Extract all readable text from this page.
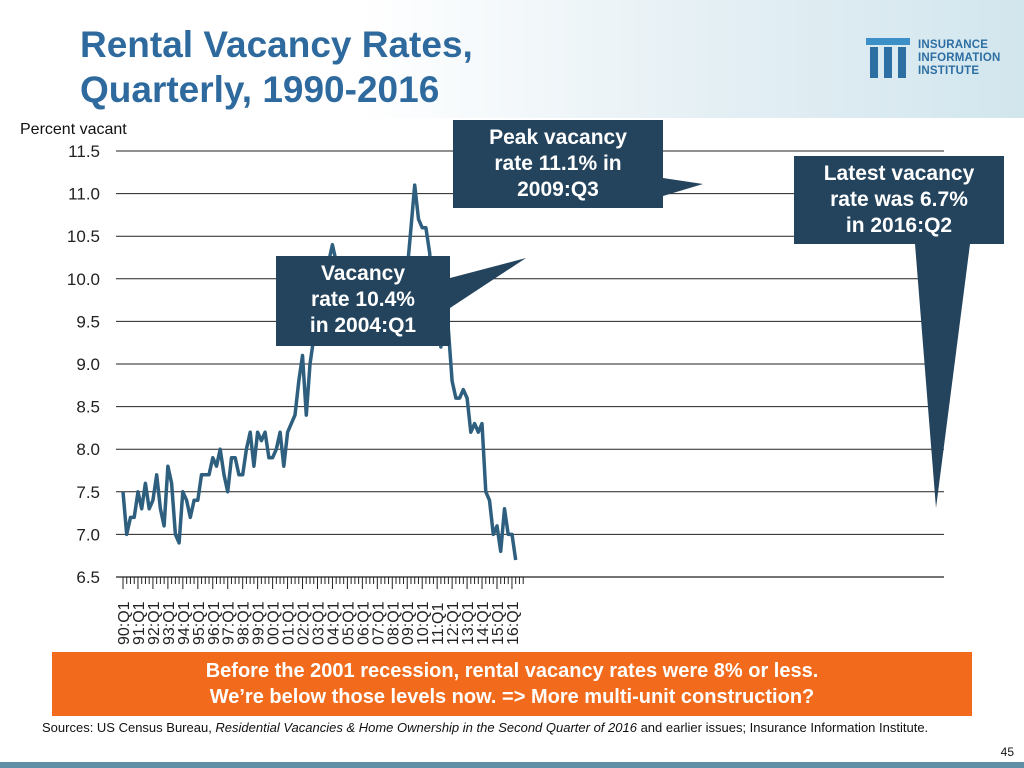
Rental Vacancy Rates,
Quarterly, 1990-2016
INSURANCE
INFORMATION
INSTITUTE
Percent vacant
11.5
11.0
10.5
10.0
9.5
9.0
8.5
8.0
7.5
7.0
6.5
90:Q1
91:Q1
92:Q1
93:Q1
94:Q1
95:Q1
96:Q1
97:Q1
98:Q1
99:Q1
00:Q1
01:Q1
02:Q1
03:Q1
04:Q1
05:Q1
06:Q1
07:Q1
08:Q1
09:Q1
10:Q1
11:Q1
12:Q1
13:Q1
14:Q1
15:Q1
16:Q1
Peak vacancy
rate 11.1% in
2009:Q3
Latest vacancy
rate was 6.7%
in 2016:Q2
Vacancy
rate 10.4%
in 2004:Q1
Before the 2001 recession, rental vacancy rates were 8% or less.
We’re below those levels now. => More multi-unit construction?
Sources: US Census Bureau, Residential Vacancies & Home Ownership in the Second Quarter of 2016 and earlier issues; Insurance Information Institute.
45
